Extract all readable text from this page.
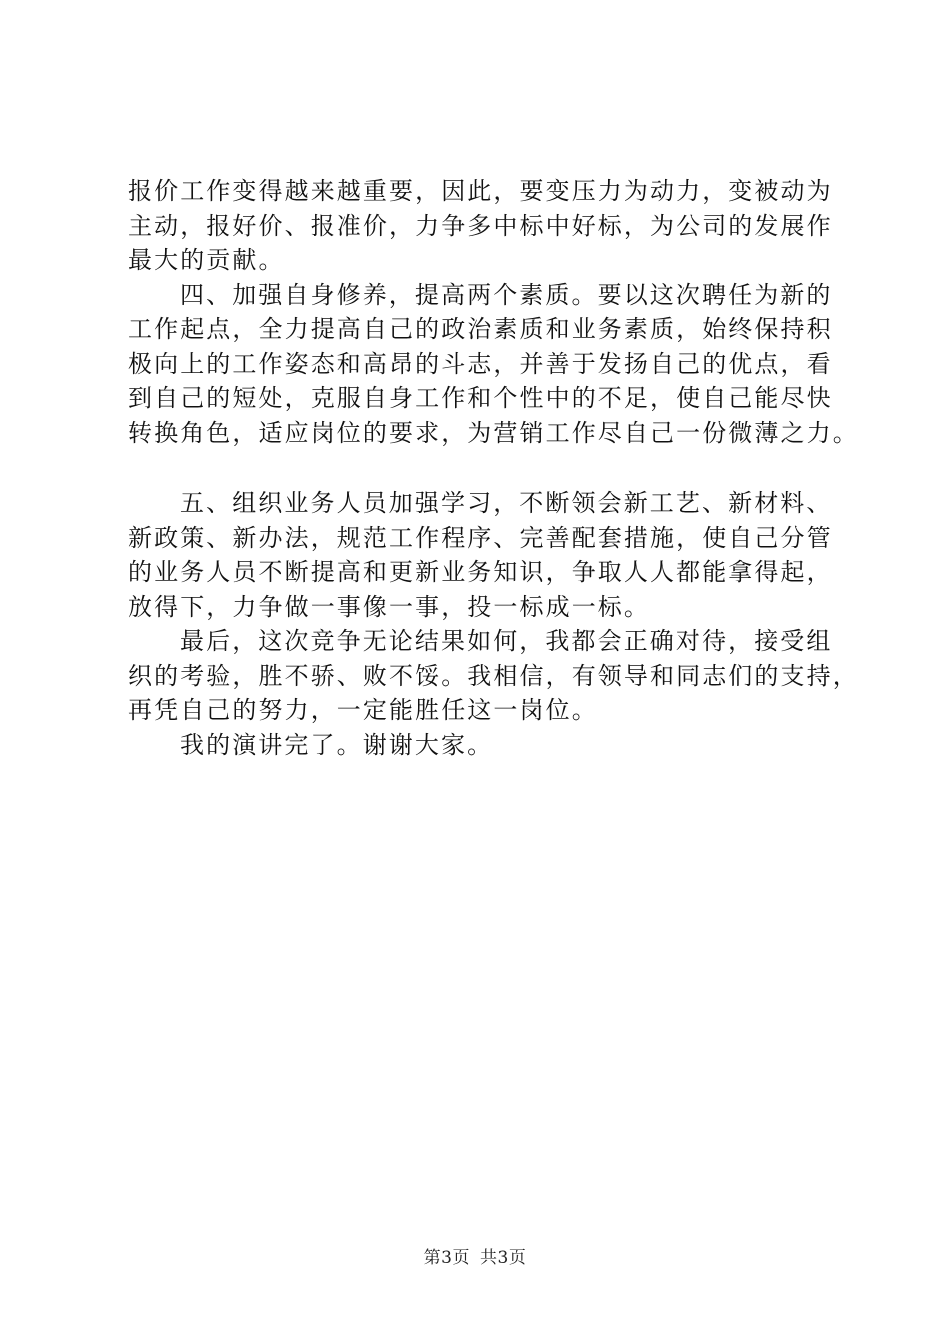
报价工作变得越来越重要，因此，要变压力为动力，变被动为

主动，报好价、报准价，力争多中标中好标，为公司的发展作

最大的贡献。

四、加强自身修养，提高两个素质。要以这次聘任为新的

工作起点，全力提高自己的政治素质和业务素质，始终保持积

极向上的工作姿态和高昂的斗志，并善于发扬自己的优点，看

到自己的短处，克服自身工作和个性中的不足，使自己能尽快

转换角色，适应岗位的要求，为营销工作尽自己一份微薄之力。

五、组织业务人员加强学习，不断领会新工艺、新材料、

新政策、新办法，规范工作程序、完善配套措施，使自己分管

的业务人员不断提高和更新业务知识，争取人人都能拿得起，

放得下，力争做一事像一事，投一标成一标。

最后，这次竞争无论结果如何，我都会正确对待，接受组

织的考验，胜不骄、败不馁。我相信，有领导和同志们的支持，

再凭自己的努力，一定能胜任这一岗位。

我的演讲完了。谢谢大家。

第3页 共3页
